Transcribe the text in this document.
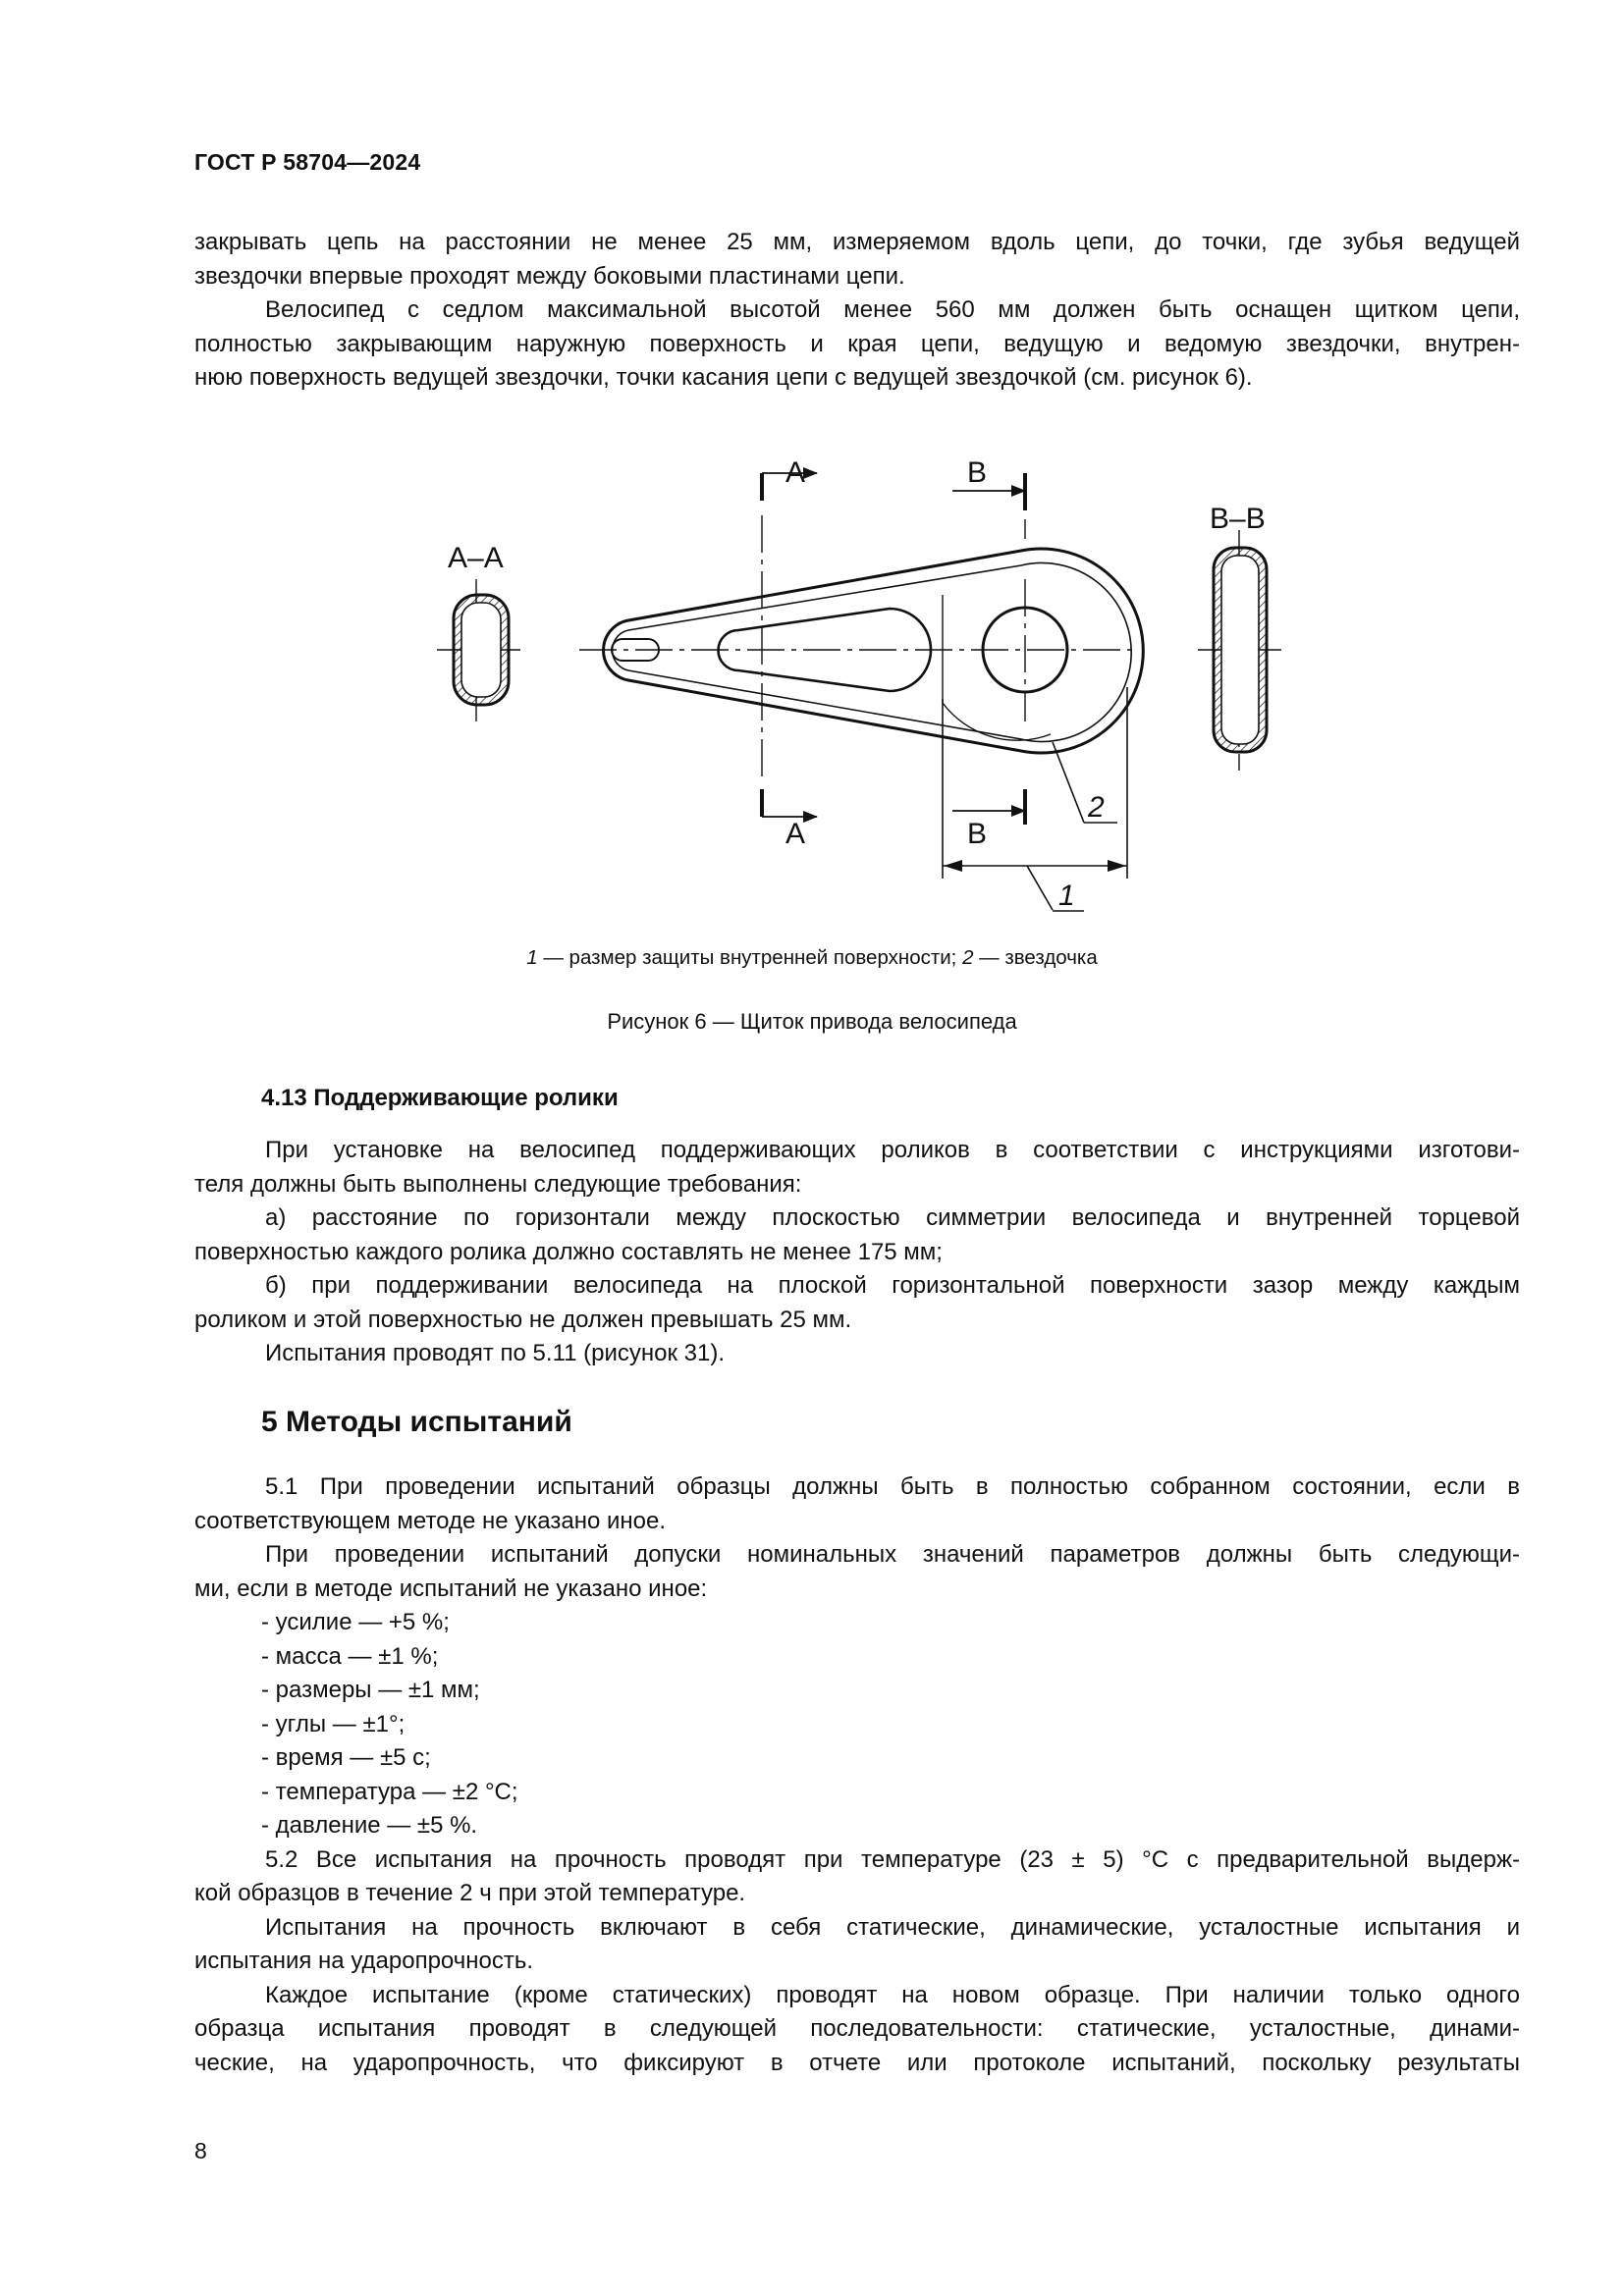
ГОСТ Р 58704—2024
закрывать цепь на расстоянии не менее 25 мм, измеряемом вдоль цепи, до точки, где зубья ведущей
звездочки впервые проходят между боковыми пластинами цепи.
Велосипед с седлом максимальной высотой менее 560 мм должен быть оснащен щитком цепи,
полностью закрывающим наружную поверхность и края цепи, ведущую и ведомую звездочки, внутрен-
нюю поверхность ведущей звездочки, точки касания цепи с ведущей звездочкой (см. рисунок 6).
А–А
В–В
А
А
В
В
2
1
1 — размер защиты внутренней поверхности; 2 — звездочка
Рисунок 6 — Щиток привода велосипеда
4.13 Поддерживающие ролики
При установке на велосипед поддерживающих роликов в соответствии с инструкциями изготови-
теля должны быть выполнены следующие требования:
а) расстояние по горизонтали между плоскостью симметрии велосипеда и внутренней торцевой
поверхностью каждого ролика должно составлять не менее 175 мм;
б) при поддерживании велосипеда на плоской горизонтальной поверхности зазор между каждым
роликом и этой поверхностью не должен превышать 25 мм.
Испытания проводят по 5.11 (рисунок 31).
5 Методы испытаний
5.1 При проведении испытаний образцы должны быть в полностью собранном состоянии, если в
соответствующем методе не указано иное.
При проведении испытаний допуски номинальных значений параметров должны быть следующи-
ми, если в методе испытаний не указано иное:
- усилие — +5 %;
- масса — ±1 %;
- размеры — ±1 мм;
- углы — ±1°;
- время — ±5 с;
- температура — ±2 °С;
- давление — ±5 %.
5.2 Все испытания на прочность проводят при температуре (23 ± 5) °С с предварительной выдерж-
кой образцов в течение 2 ч при этой температуре.
Испытания на прочность включают в себя статические, динамические, усталостные испытания и
испытания на ударопрочность.
Каждое испытание (кроме статических) проводят на новом образце. При наличии только одного
образца испытания проводят в следующей последовательности: статические, усталостные, динами-
ческие, на ударопрочность, что фиксируют в отчете или протоколе испытаний, поскольку результаты
8
